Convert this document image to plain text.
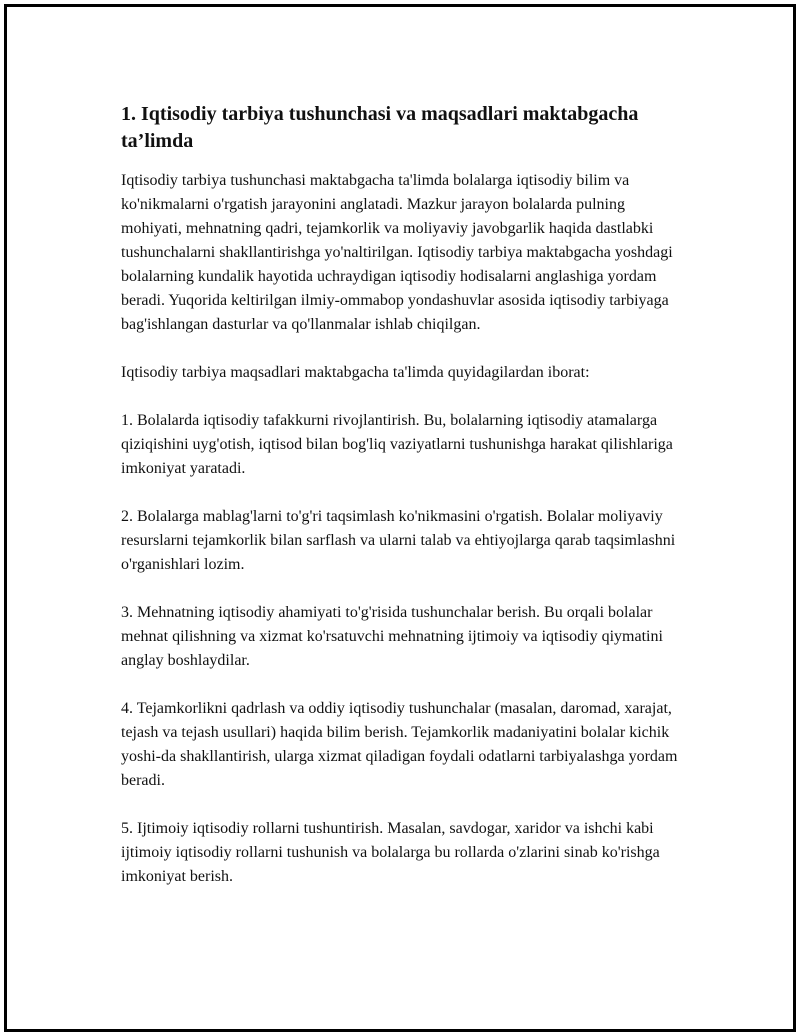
1. Iqtisodiy tarbiya tushunchasi va maqsadlari maktabgacha ta’limda

Iqtisodiy tarbiya tushunchasi maktabgacha ta'limda bolalarga iqtisodiy bilim va ko'nikmalarni o'rgatish jarayonini anglatadi. Mazkur jarayon bolalarda pulning mohiyati, mehnatning qadri, tejamkorlik va moliyaviy javobgarlik haqida dastlabki tushunchalarni shakllantirishga yo'naltirilgan. Iqtisodiy tarbiya maktabgacha yoshdagi bolalarning kundalik hayotida uchraydigan iqtisodiy hodisalarni anglashiga yordam beradi. Yuqorida keltirilgan ilmiy-ommabop yondashuvlar asosida iqtisodiy tarbiyaga bag'ishlangan dasturlar va qo'llanmalar ishlab chiqilgan.

Iqtisodiy tarbiya maqsadlari maktabgacha ta'limda quyidagilardan iborat:

1. Bolalarda iqtisodiy tafakkurni rivojlantirish. Bu, bolalarning iqtisodiy atamalarga qiziqishini uyg'otish, iqtisod bilan bog'liq vaziyatlarni tushunishga harakat qilishlariga imkoniyat yaratadi.

2. Bolalarga mablag'larni to'g'ri taqsimlash ko'nikmasini o'rgatish. Bolalar moliyaviy resurslarni tejamkorlik bilan sarflash va ularni talab va ehtiyojlarga qarab taqsimlashni o'rganishlari lozim.

3. Mehnatning iqtisodiy ahamiyati to'g'risida tushunchalar berish. Bu orqali bolalar mehnat qilishning va xizmat ko'rsatuvchi mehnatning ijtimoiy va iqtisodiy qiymatini anglay boshlaydilar.

4. Tejamkorlikni qadrlash va oddiy iqtisodiy tushunchalar (masalan, daromad, xarajat, tejash va tejash usullari) haqida bilim berish. Tejamkorlik madaniyatini bolalar kichik yoshi-da shakllantirish, ularga xizmat qiladigan foydali odatlarni tarbiyalashga yordam beradi.

5. Ijtimoiy iqtisodiy rollarni tushuntirish. Masalan, savdogar, xaridor va ishchi kabi ijtimoiy iqtisodiy rollarni tushunish va bolalarga bu rollarda o'zlarini sinab ko'rishga imkoniyat berish.
